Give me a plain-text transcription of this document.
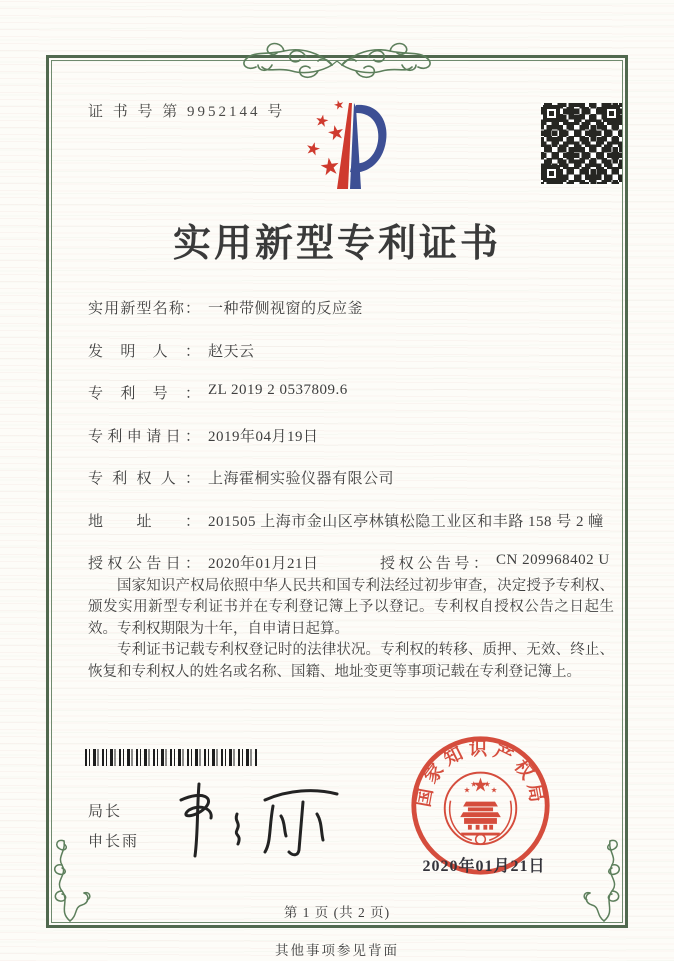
证 书 号 第 9952144 号
实用新型专利证书
实用新型名称： 一种带侧视窗的反应釜
发明人： 赵天云
专利号： ZL 2019 2 0537809.6
专利申请日： 2019年04月19日
专利权人： 上海霍桐实验仪器有限公司
地址： 201505 上海市金山区亭林镇松隐工业区和丰路 158 号 2 幢
授权公告日： 2020年01月21日	授权公告号： CN 209968402 U

国家知识产权局依照中华人民共和国专利法经过初步审查，决定授予专利权、颁发实用新型专利证书并在专利登记簿上予以登记。专利权自授权公告之日起生效。专利权期限为十年，自申请日起算。

专利证书记载专利权登记时的法律状况。专利权的转移、质押、无效、终止、恢复和专利权人的姓名或名称、国籍、地址变更等事项记载在专利登记簿上。

局长
申长雨
国家知识产权局
2020年01月21日
第 1 页 (共 2 页)
其他事项参见背面
